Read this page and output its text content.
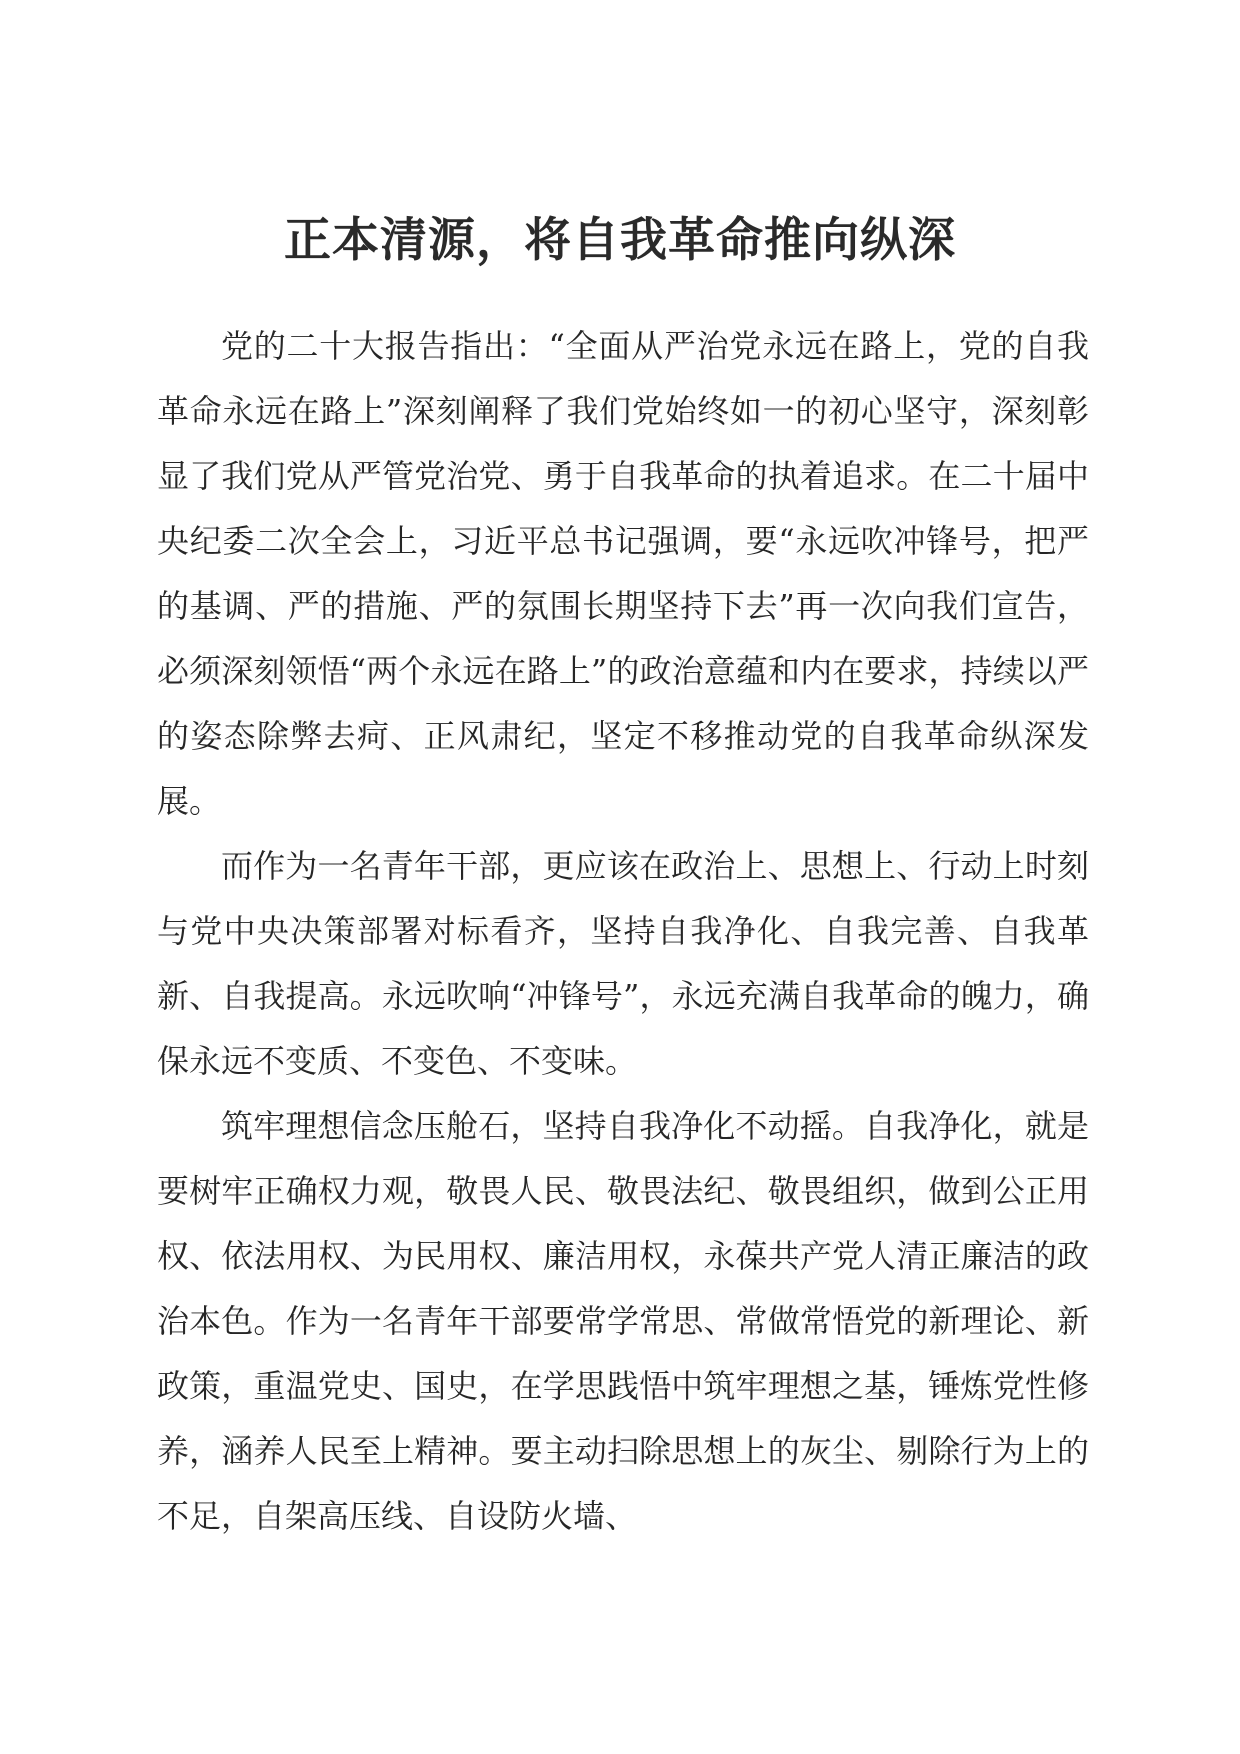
正本清源，将自我革命推向纵深

党的二十大报告指出：“全面从严治党永远在路上，党的自我革命永远在路上”深刻阐释了我们党始终如一的初心坚守，深刻彰显了我们党从严管党治党、勇于自我革命的执着追求。在二十届中央纪委二次全会上，习近平总书记强调，要“永远吹冲锋号，把严的基调、严的措施、严的氛围长期坚持下去”再一次向我们宣告，必须深刻领悟“两个永远在路上”的政治意蕴和内在要求，持续以严的姿态除弊去疴、正风肃纪，坚定不移推动党的自我革命纵深发展。

而作为一名青年干部，更应该在政治上、思想上、行动上时刻与党中央决策部署对标看齐，坚持自我净化、自我完善、自我革新、自我提高。永远吹响“冲锋号”，永远充满自我革命的魄力，确保永远不变质、不变色、不变味。

筑牢理想信念压舱石，坚持自我净化不动摇。自我净化，就是要树牢正确权力观，敬畏人民、敬畏法纪、敬畏组织，做到公正用权、依法用权、为民用权、廉洁用权，永葆共产党人清正廉洁的政治本色。作为一名青年干部要常学常思、常做常悟党的新理论、新政策，重温党史、国史，在学思践悟中筑牢理想之基，锤炼党性修养，涵养人民至上精神。要主动扫除思想上的灰尘、剔除行为上的不足，自架高压线、自设防火墙、
